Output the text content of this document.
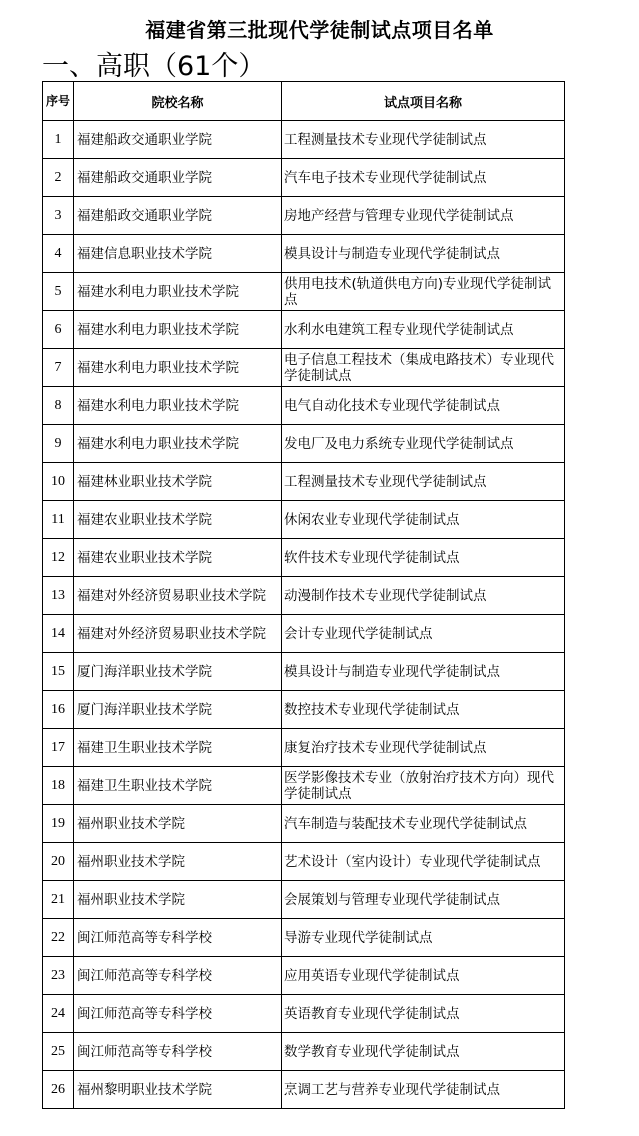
福建省第三批现代学徒制试点项目名单
一、高职（61个）
序号	院校名称	试点项目名称
1	福建船政交通职业学院	工程测量技术专业现代学徒制试点
2	福建船政交通职业学院	汽车电子技术专业现代学徒制试点
3	福建船政交通职业学院	房地产经营与管理专业现代学徒制试点
4	福建信息职业技术学院	模具设计与制造专业现代学徒制试点
5	福建水利电力职业技术学院	供用电技术(轨道供电方向)专业现代学徒制试点
6	福建水利电力职业技术学院	水利水电建筑工程专业现代学徒制试点
7	福建水利电力职业技术学院	电子信息工程技术（集成电路技术）专业现代学徒制试点
8	福建水利电力职业技术学院	电气自动化技术专业现代学徒制试点
9	福建水利电力职业技术学院	发电厂及电力系统专业现代学徒制试点
10	福建林业职业技术学院	工程测量技术专业现代学徒制试点
11	福建农业职业技术学院	休闲农业专业现代学徒制试点
12	福建农业职业技术学院	软件技术专业现代学徒制试点
13	福建对外经济贸易职业技术学院	动漫制作技术专业现代学徒制试点
14	福建对外经济贸易职业技术学院	会计专业现代学徒制试点
15	厦门海洋职业技术学院	模具设计与制造专业现代学徒制试点
16	厦门海洋职业技术学院	数控技术专业现代学徒制试点
17	福建卫生职业技术学院	康复治疗技术专业现代学徒制试点
18	福建卫生职业技术学院	医学影像技术专业（放射治疗技术方向）现代学徒制试点
19	福州职业技术学院	汽车制造与装配技术专业现代学徒制试点
20	福州职业技术学院	艺术设计（室内设计）专业现代学徒制试点
21	福州职业技术学院	会展策划与管理专业现代学徒制试点
22	闽江师范高等专科学校	导游专业现代学徒制试点
23	闽江师范高等专科学校	应用英语专业现代学徒制试点
24	闽江师范高等专科学校	英语教育专业现代学徒制试点
25	闽江师范高等专科学校	数学教育专业现代学徒制试点
26	福州黎明职业技术学院	烹调工艺与营养专业现代学徒制试点
